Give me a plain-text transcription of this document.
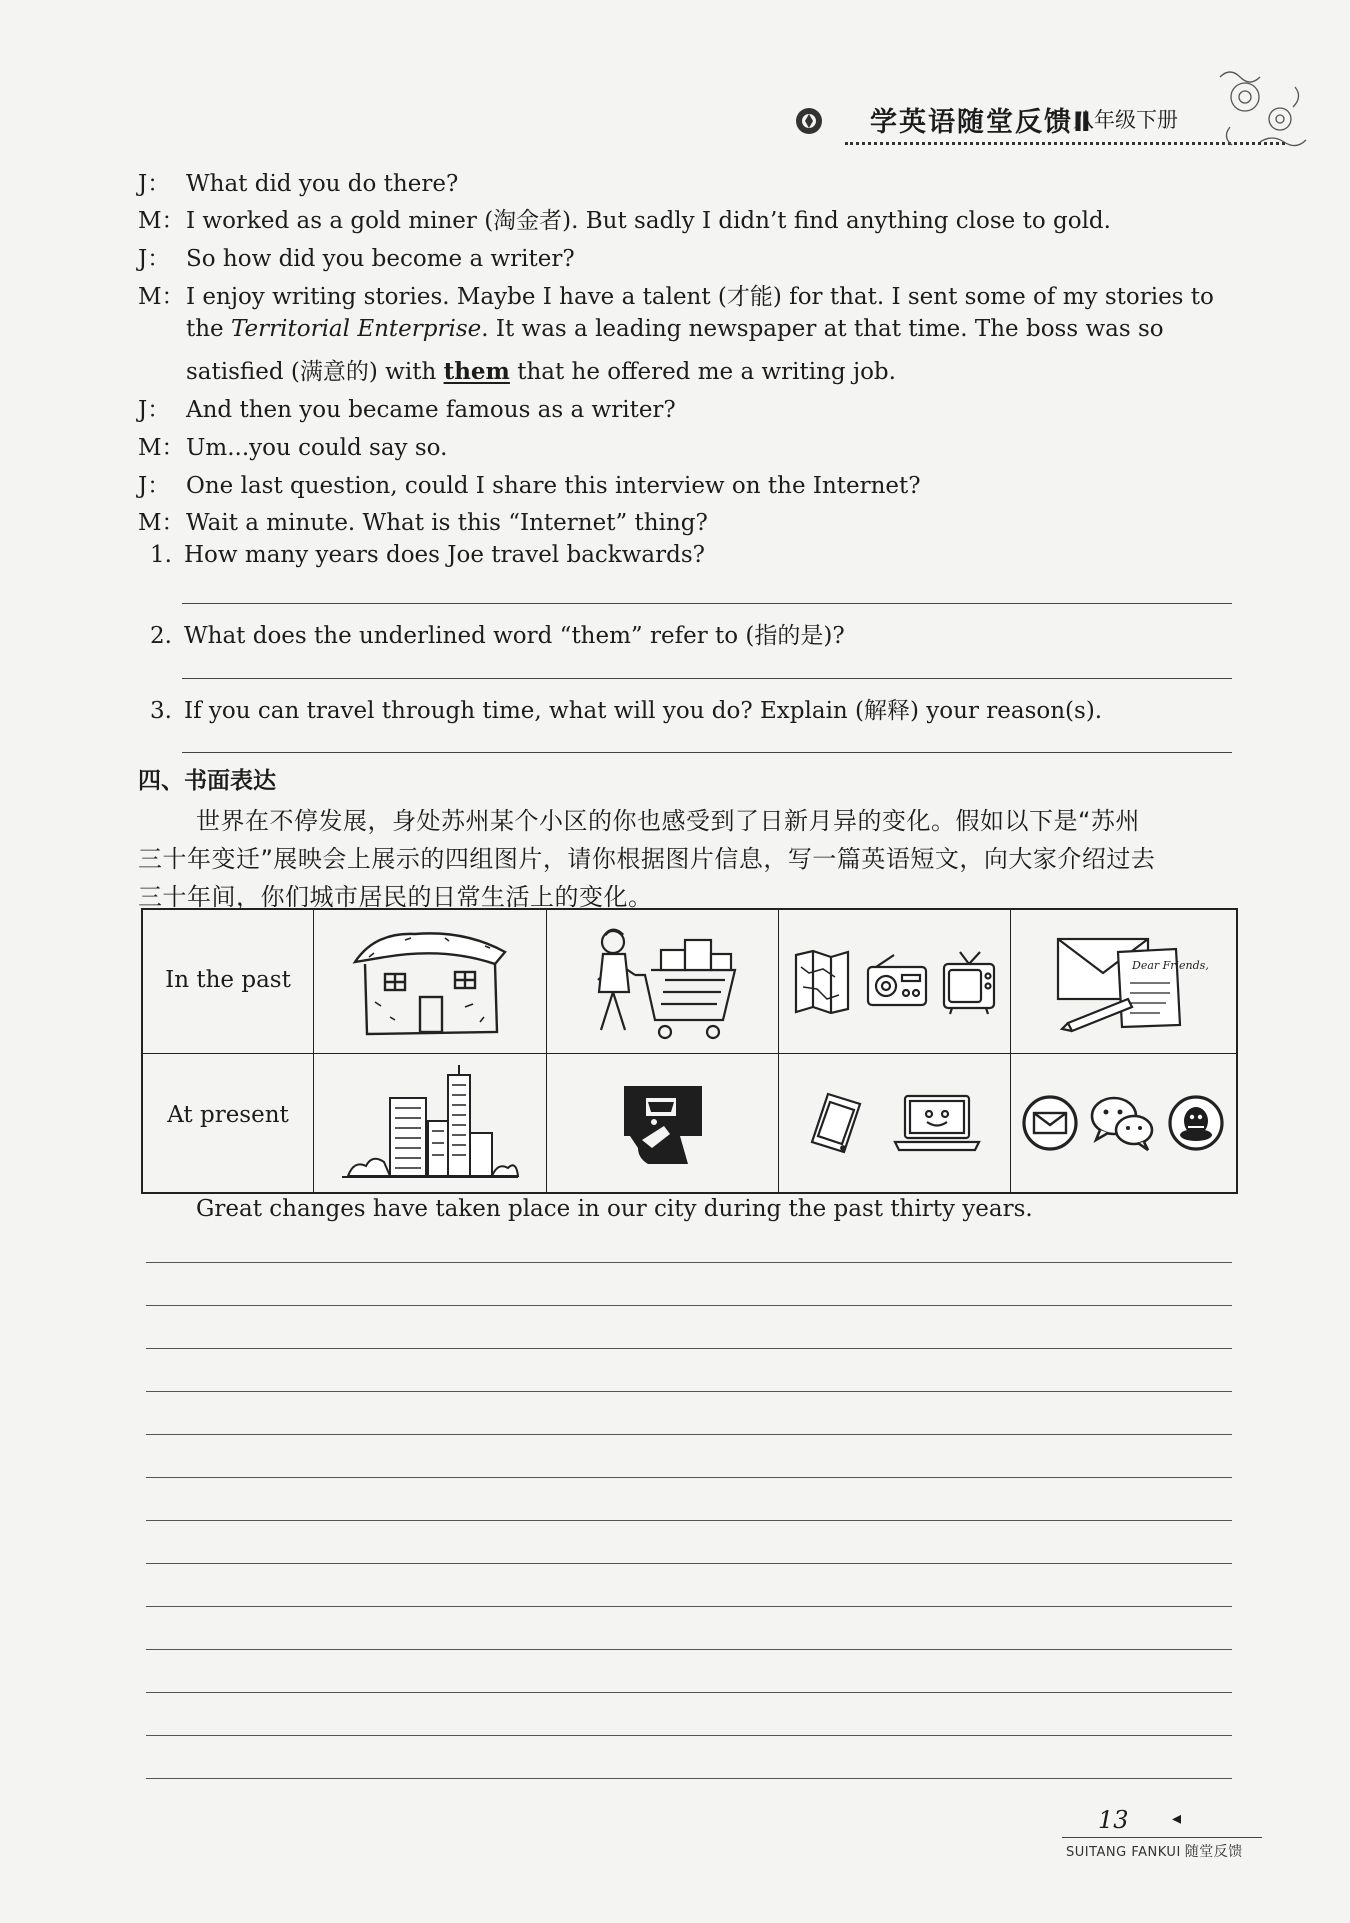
学英语随堂反馈Ⅱ
八年级下册
J： What did you do there?
M：I worked as a gold miner (淘金者). But sadly I didn’t find anything close to gold.
J： So how did you become a writer?
M：I enjoy writing stories. Maybe I have a talent (才能) for that. I sent some of my stories to
the Territorial Enterprise. It was a leading newspaper at that time. The boss was so
satisfied (满意的) with them that he offered me a writing job.
J： And then you became famous as a writer?
M：Um...you could say so.
J： One last question, could I share this interview on the Internet?
M：Wait a minute. What is this “Internet” thing?
1. How many years does Joe travel backwards?
2. What does the underlined word “them” refer to (指的是)?
3. If you can travel through time, what will you do? Explain (解释) your reason(s).
四、书面表达
世界在不停发展，身处苏州某个小区的你也感受到了日新月异的变化。假如以下是“苏州
三十年变迁”展映会上展示的四组图片，请你根据图片信息，写一篇英语短文，向大家介绍过去
三十年间，你们城市居民的日常生活上的变化。
In the past
At present
Dear Friends,
Great changes have taken place in our city during the past thirty years.
13 ◂
SUITANG FANKUI 随堂反馈
